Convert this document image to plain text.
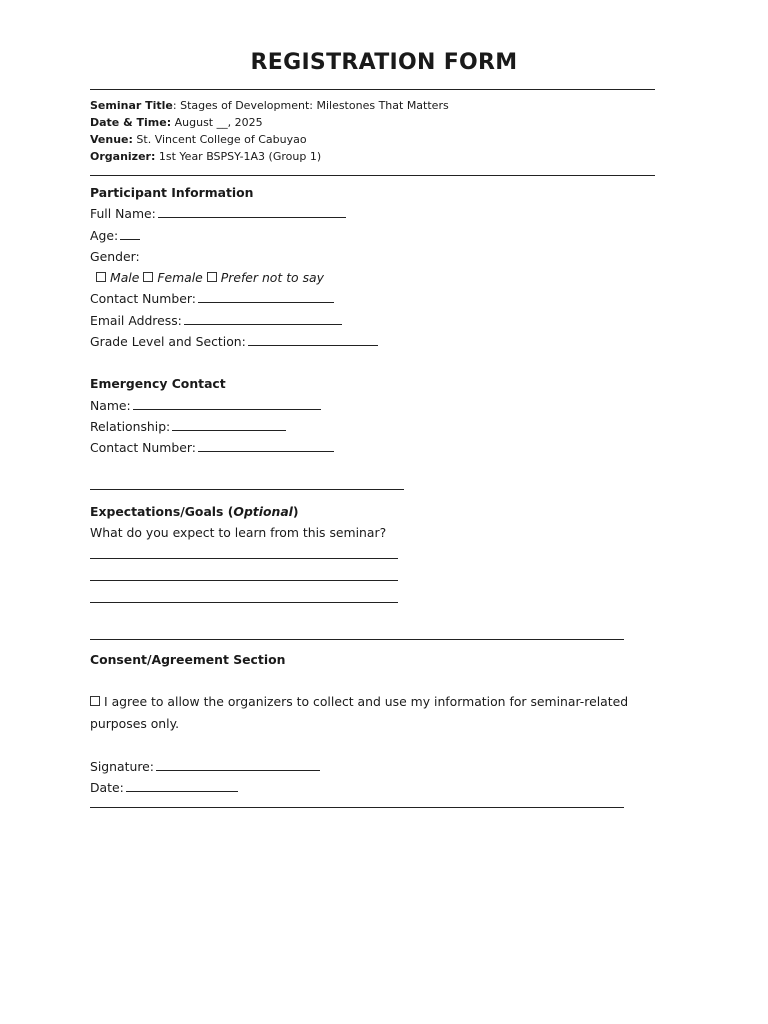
REGISTRATION FORM
Seminar Title: Stages of Development: Milestones That Matters
Date & Time: August __, 2025
Venue: St. Vincent College of Cabuyao
Organizer: 1st Year BSPSY-1A3 (Group 1)
Participant Information
Full Name:
Age:
Gender:
Male Female Prefer not to say
Contact Number:
Email Address:
Grade Level and Section:
Emergency Contact
Name:
Relationship:
Contact Number:
Expectations/Goals (Optional)
What do you expect to learn from this seminar?
Consent/Agreement Section
I agree to allow the organizers to collect and use my information for seminar-related
purposes only.
Signature:
Date:
